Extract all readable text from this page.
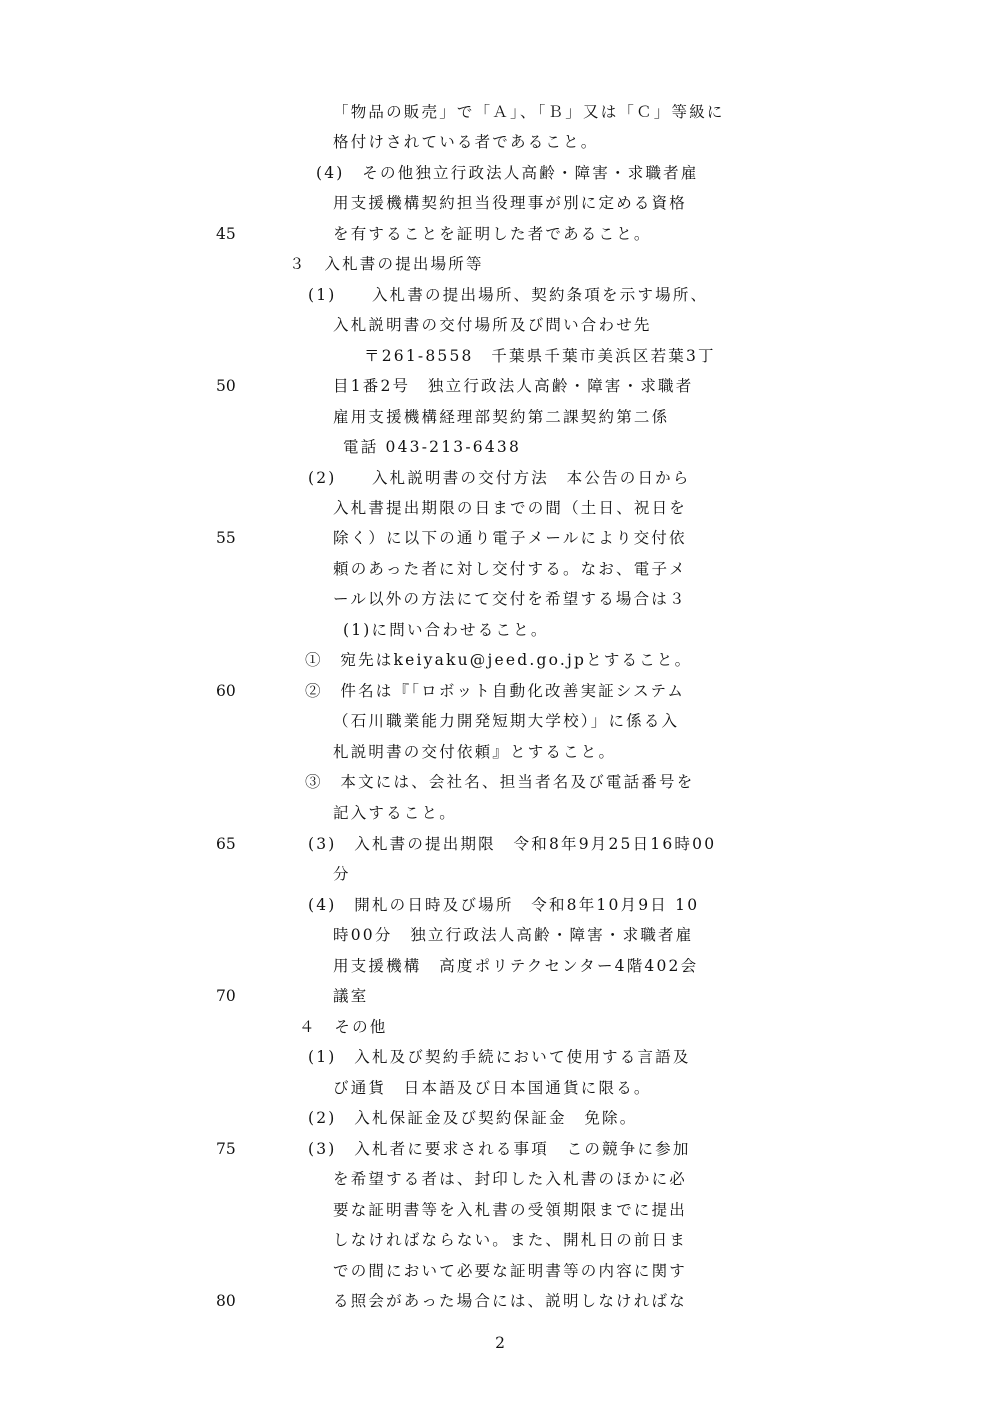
45
50
55
60
65
70
75
80
「物品の販売」で「Ａ」、「Ｂ」又は「Ｃ」等級に
格付けされている者であること。
(4)　その他独立行政法人高齢・障害・求職者雇
用支援機構契約担当役理事が別に定める資格
を有することを証明した者であること。
３　入札書の提出場所等
(1)　　入札書の提出場所、契約条項を示す場所、
入札説明書の交付場所及び問い合わせ先
〒261-8558　千葉県千葉市美浜区若葉3丁
目1番2号　独立行政法人高齢・障害・求職者
雇用支援機構経理部契約第二課契約第二係
電話 043-213-6438
(2)　　入札説明書の交付方法　本公告の日から
入札書提出期限の日までの間（土日、祝日を
除く）に以下の通り電子メールにより交付依
頼のあった者に対し交付する。なお、電子メ
ール以外の方法にて交付を希望する場合は３
(1)に問い合わせること。
①　宛先はkeiyaku@jeed.go.jpとすること。
②　件名は『「ロボット自動化改善実証システム
（石川職業能力開発短期大学校）」に係る入
札説明書の交付依頼』とすること。
③　本文には、会社名、担当者名及び電話番号を
記入すること。
(3)　入札書の提出期限　令和8年9月25日16時00
分
(4)　開札の日時及び場所　令和8年10月9日 10
時00分　独立行政法人高齢・障害・求職者雇
用支援機構　高度ポリテクセンター4階402会
議室
４　その他
(1)　入札及び契約手続において使用する言語及
び通貨　日本語及び日本国通貨に限る。
(2)　入札保証金及び契約保証金　免除。
(3)　入札者に要求される事項　この競争に参加
を希望する者は、封印した入札書のほかに必
要な証明書等を入札書の受領期限までに提出
しなければならない。また、開札日の前日ま
での間において必要な証明書等の内容に関す
る照会があった場合には、説明しなければな
2
